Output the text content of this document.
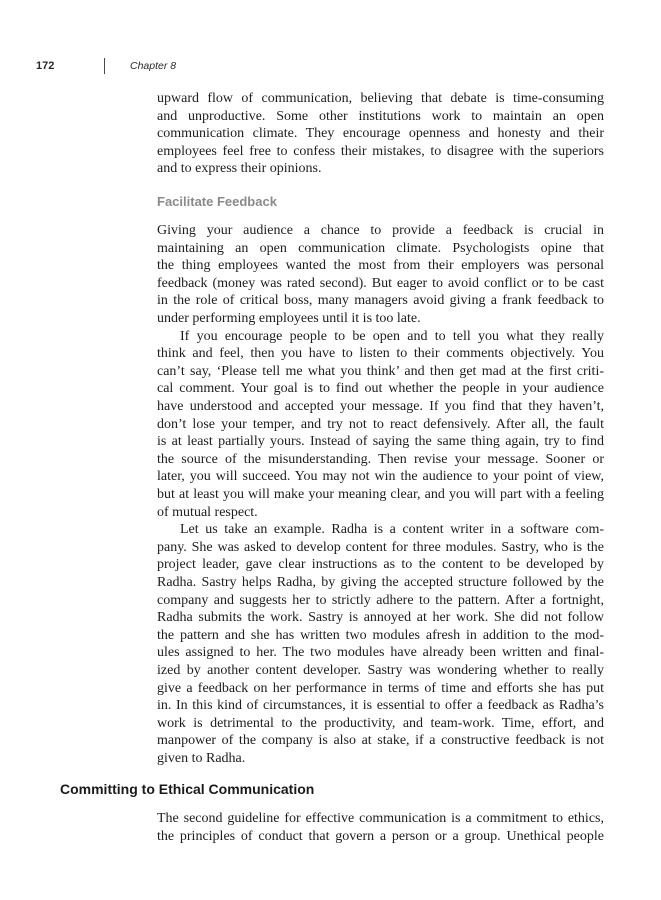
172	Chapter 8
upward flow of communication, believing that debate is time-consuming
and unproductive. Some other institutions work to maintain an open
communication climate. They encourage openness and honesty and their
employees feel free to confess their mistakes, to disagree with the superiors
and to express their opinions.
Facilitate Feedback
Giving your audience a chance to provide a feedback is crucial in
maintaining an open communication climate. Psychologists opine that
the thing employees wanted the most from their employers was personal
feedback (money was rated second). But eager to avoid conflict or to be cast
in the role of critical boss, many managers avoid giving a frank feedback to
under performing employees until it is too late.
If you encourage people to be open and to tell you what they really
think and feel, then you have to listen to their comments objectively. You
can’t say, ‘Please tell me what you think’ and then get mad at the first criti-
cal comment. Your goal is to find out whether the people in your audience
have understood and accepted your message. If you find that they haven’t,
don’t lose your temper, and try not to react defensively. After all, the fault
is at least partially yours. Instead of saying the same thing again, try to find
the source of the misunderstanding. Then revise your message. Sooner or
later, you will succeed. You may not win the audience to your point of view,
but at least you will make your meaning clear, and you will part with a feeling
of mutual respect.
Let us take an example. Radha is a content writer in a software com-
pany. She was asked to develop content for three modules. Sastry, who is the
project leader, gave clear instructions as to the content to be developed by
Radha. Sastry helps Radha, by giving the accepted structure followed by the
company and suggests her to strictly adhere to the pattern. After a fortnight,
Radha submits the work. Sastry is annoyed at her work. She did not follow
the pattern and she has written two modules afresh in addition to the mod-
ules assigned to her. The two modules have already been written and final-
ized by another content developer. Sastry was wondering whether to really
give a feedback on her performance in terms of time and efforts she has put
in. In this kind of circumstances, it is essential to offer a feedback as Radha’s
work is detrimental to the productivity, and team-work. Time, effort, and
manpower of the company is also at stake, if a constructive feedback is not
given to Radha.
Committing to Ethical Communication
The second guideline for effective communication is a commitment to ethics,
the principles of conduct that govern a person or a group. Unethical people
